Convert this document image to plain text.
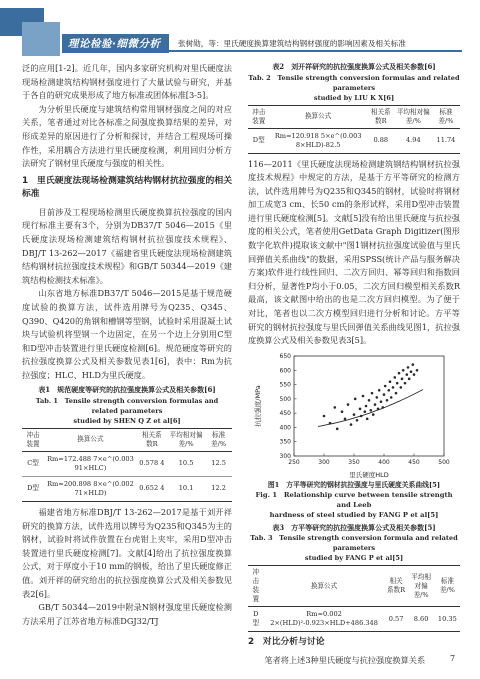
理论检验·细微分析	张树勋，等：里氏硬度换算建筑结构钢材强度的影响因素及相关标准

泛的应用[1-2]。近几年，国内多家研究机构对里氏硬度法现场检测建筑结构钢材强度进行了大量试验与研究，并基于各自的研究成果形成了地方标准或团体标准[3-5]。

为分析里氏硬度与建筑结构常用钢材强度之间的对应关系，笔者通过对比各标准之间强度换算结果的差异，对形成差异的原因进行了分析和探讨，并结合工程现场可操作性，采用耦合方法进行里氏硬度检测，利用回归分析方法研究了钢材里氏硬度与强度的相关性。

1　里氏硬度法现场检测建筑结构钢材抗拉强度的相关标准

目前涉及工程现场检测里氏硬度换算抗拉强度的国内现行标准主要有3个，分别为DB37/T 5046—2015《里氏硬度法现场检测建筑结构钢材抗拉强度技术规程》、DBJ/T 13-262—2017《福建省里氏硬度法现场检测建筑结构钢材抗拉强度技术规程》和GB/T 50344—2019《建筑结构检测技术标准》。

山东省地方标准DB37/T 5046—2015是基于规范硬度试验的换算方法，试件选用牌号为Q235、Q345、Q390、Q420的角钢和槽钢等型钢，试验时采用混凝土试块与试验机将型钢一个边固定，在另一个边上分别用C型和D型冲击装置进行里氏硬度检测[6]。规范硬度等研究的抗拉强度换算公式及相关参数见表1[6]，表中：Rm为抗拉强度；HLC、HLD为里氏硬度。

表1　规范硬度等研究的抗拉强度换算公式及相关参数[6]
Tab. 1　Tensile strength conversion formulas and related parameters
studied by SHEN Q Z et al[6]
冲击装置	换算公式	相关系数R	平均相对偏差/%	标准差/%
C型	Rm=172.488 7×e^(0.003 91×HLC)	0.578 4	10.5	12.5
D型	Rm=200.898 8×e^(0.002 71×HLD)	0.652 4	10.1	12.2

福建省地方标准DBJ/T 13-262—2017是基于刘开祥研究的换算方法，试件选用以牌号为Q235和Q345为主的钢材，试验时将试件放置在台虎钳上夹牢，采用D型冲击装置进行里氏硬度检测[7]。文献[4]给出了抗拉强度换算公式，对于厚度小于10 mm的钢板，给出了里氏硬度修正值。刘开祥的研究给出的抗拉强度换算公式及相关参数见表2[6]。

GB/T 50344—2019中附录N钢材强度里氏硬度检测方法采用了江苏省地方标准DGJ32/TJ

表2　刘开祥研究的抗拉强度换算公式及相关参数[6]
Tab. 2　Tensile strength conversion formulas and related parameters
studied by LIU K X[6]
冲击装置	换算公式	相关系数R	平均相对偏差/%	标准差/%
D型	Rm=120.918 5×e^(0.003 8×HLD)-82.5	0.88	4.94	11.74

116—2011《里氏硬度法现场检测建筑钢结构钢材抗拉强度技术规程》中规定的方法，是基于方平等研究的检测方法，试件选用牌号为Q235和Q345的钢材，试验时将钢材加工成宽3 cm、长50 cm的条形试样，采用D型冲击装置进行里氏硬度检测[5]。文献[5]没有给出里氏硬度与抗拉强度的相关公式，笔者使用GetData Graph Digitizer(图形数字化软件)提取该文献中"图1钢材抗拉强度试验值与里氏回弹值关系曲线"的数据，采用SPSS(统计产品与服务解决方案)软件进行线性回归、二次方回归、幂等回归和指数回归分析，显著性P均小于0.05，二次方回归模型相关系数R最高，该文献图中给出的也是二次方回归模型。为了便于对比，笔者也以二次方模型回归进行分析和讨论。方平等研究的钢材抗拉强度与里氏回弹值关系曲线见图1，抗拉强度换算公式及相关参数见表3[5]。

250	300	350	400	450	500
300
350
400
450
500
550
600
650
里氏硬度HLD
抗拉强度/MPa
图1　方平等研究的钢材抗拉强度与里氏硬度关系曲线[5]
Fig. 1　Relationship curve between tensile strength and Leeb
hardness of steel studied by FANG P et al[5]
表3　方平等研究的抗拉强度换算公式及相关参数[5]
Tab. 3　Tensile strength conversion formula and related parameters
studied by FANG P et al[5]
冲击装置	换算公式	相关系数R	平均相对偏差/%	标准差/%
D型	Rm=0.002 2×(HLD)²-0.923×HLD+486.348	0.57	8.60	10.35
2　对比分析与讨论

笔者将上述3种里氏硬度与抗拉强度换算关系	7
